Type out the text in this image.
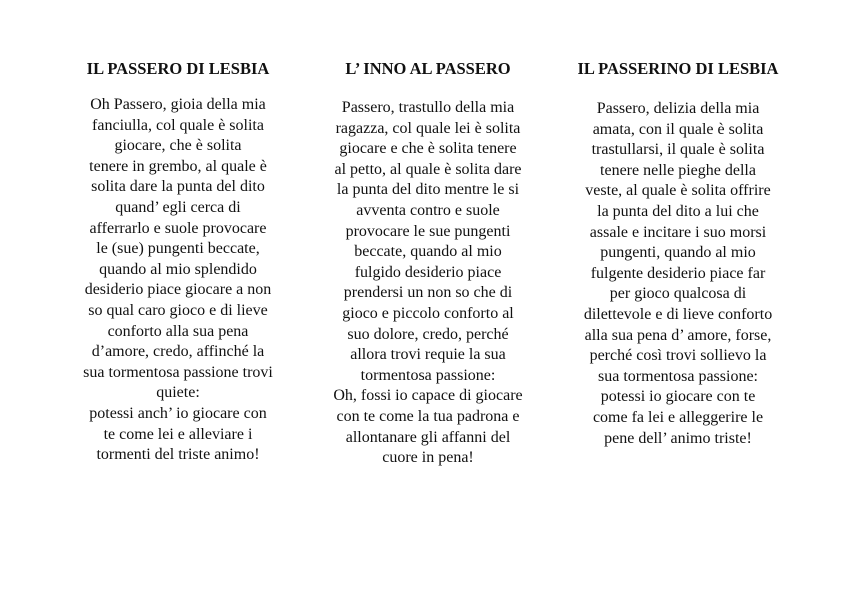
IL PASSERO DI LESBIA

Oh Passero, gioia della mia
fanciulla, col quale è solita
giocare, che è solita
tenere in grembo, al quale è
solita dare la punta del dito
quand’ egli cerca di
afferrarlo e suole provocare
le (sue) pungenti beccate,
quando al mio splendido
desiderio piace giocare a non
so qual caro gioco e di lieve
conforto alla sua pena
d’amore, credo, affinché la
sua tormentosa passione trovi
quiete:
potessi anch’ io giocare con
te come lei e alleviare i
tormenti del triste animo!

L’ INNO AL PASSERO

Passero, trastullo della mia
ragazza, col quale lei è solita
giocare e che è solita tenere
al petto, al quale è solita dare
la punta del dito mentre le si
avventa contro e suole
provocare le sue pungenti
beccate, quando al mio
fulgido desiderio piace
prendersi un non so che di
gioco e piccolo conforto al
suo dolore, credo, perché
allora trovi requie la sua
tormentosa passione:
Oh, fossi io capace di giocare
con te come la tua padrona e
allontanare gli affanni del
cuore in pena!

IL PASSERINO DI LESBIA

Passero, delizia della mia
amata, con il quale è solita
trastullarsi, il quale è solita
tenere nelle pieghe della
veste, al quale è solita offrire
la punta del dito a lui che
assale e incitare i suo morsi
pungenti, quando al mio
fulgente desiderio piace far
per gioco qualcosa di
dilettevole e di lieve conforto
alla sua pena d’ amore, forse,
perché così trovi sollievo la
sua tormentosa passione:
potessi io giocare con te
come fa lei e alleggerire le
pene dell’ animo triste!
